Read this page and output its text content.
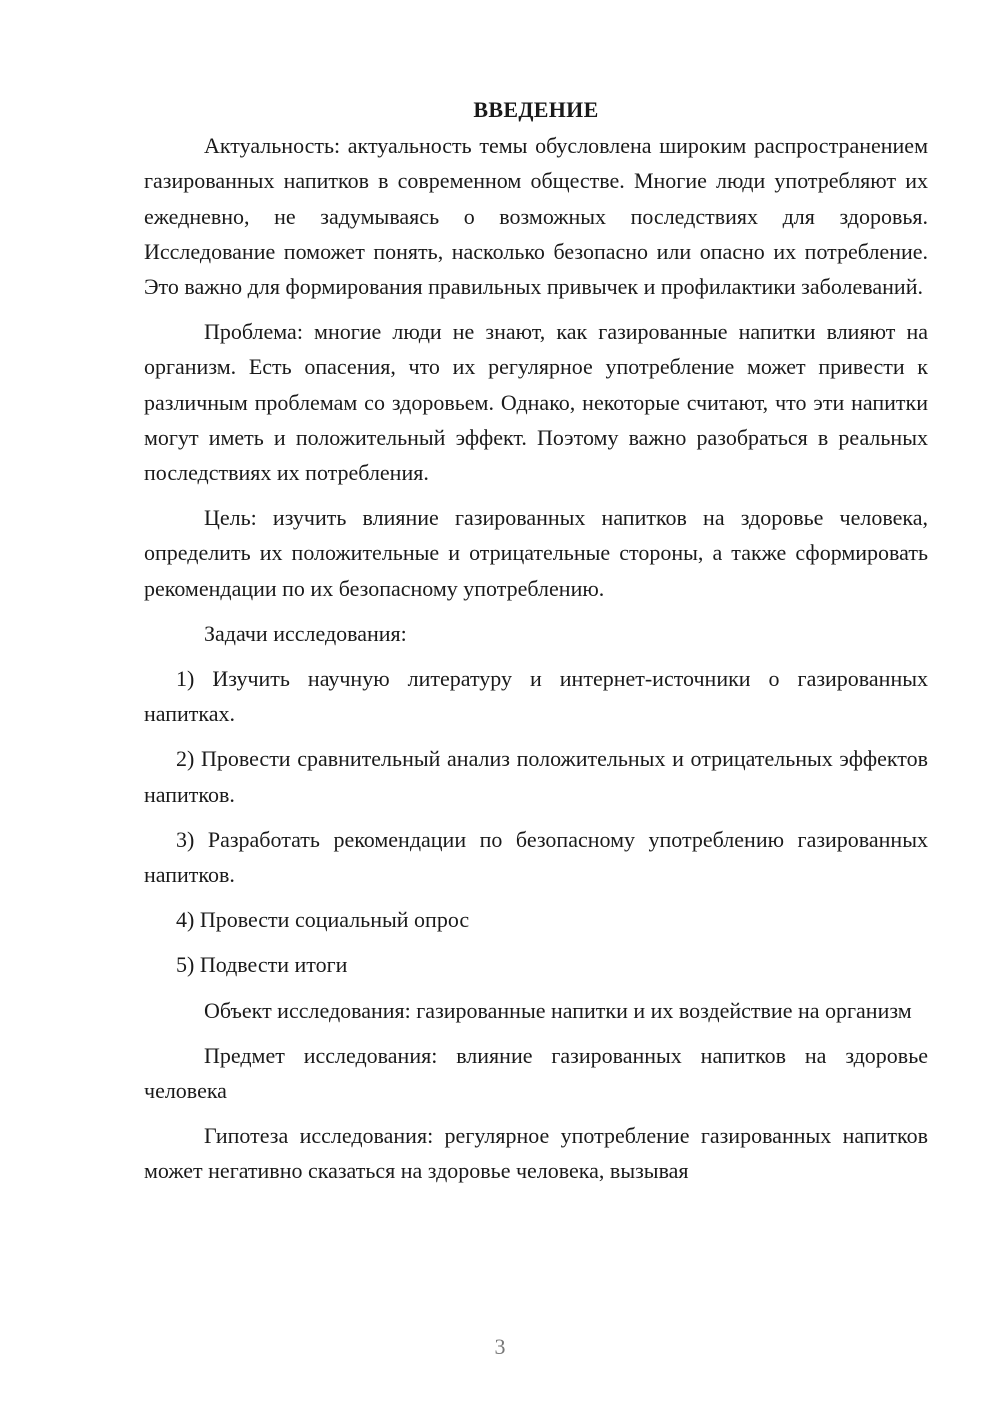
ВВЕДЕНИЕ

Актуальность: актуальность темы обусловлена широким распространением газированных напитков в современном обществе. Многие люди употребляют их ежедневно, не задумываясь о возможных последствиях для здоровья. Исследование поможет понять, насколько безопасно или опасно их потребление. Это важно для формирования правильных привычек и профилактики заболеваний.

Проблема: многие люди не знают, как газированные напитки влияют на организм. Есть опасения, что их регулярное употребление может привести к различным проблемам со здоровьем. Однако, некоторые считают, что эти напитки могут иметь и положительный эффект. Поэтому важно разобраться в реальных последствиях их потребления.

Цель: изучить влияние газированных напитков на здоровье человека, определить их положительные и отрицательные стороны, а также сформировать рекомендации по их безопасному употреблению.

Задачи исследования:

1) Изучить научную литературу и интернет-источники о газированных напитках.

2) Провести сравнительный анализ положительных и отрицательных эффектов напитков.

3) Разработать рекомендации по безопасному употреблению газированных напитков.

4) Провести социальный опрос

5) Подвести итоги

Объект исследования: газированные напитки и их воздействие на организм

Предмет исследования: влияние газированных напитков на здоровье человека

Гипотеза исследования: регулярное употребление газированных напитков может негативно сказаться на здоровье человека, вызывая

3
